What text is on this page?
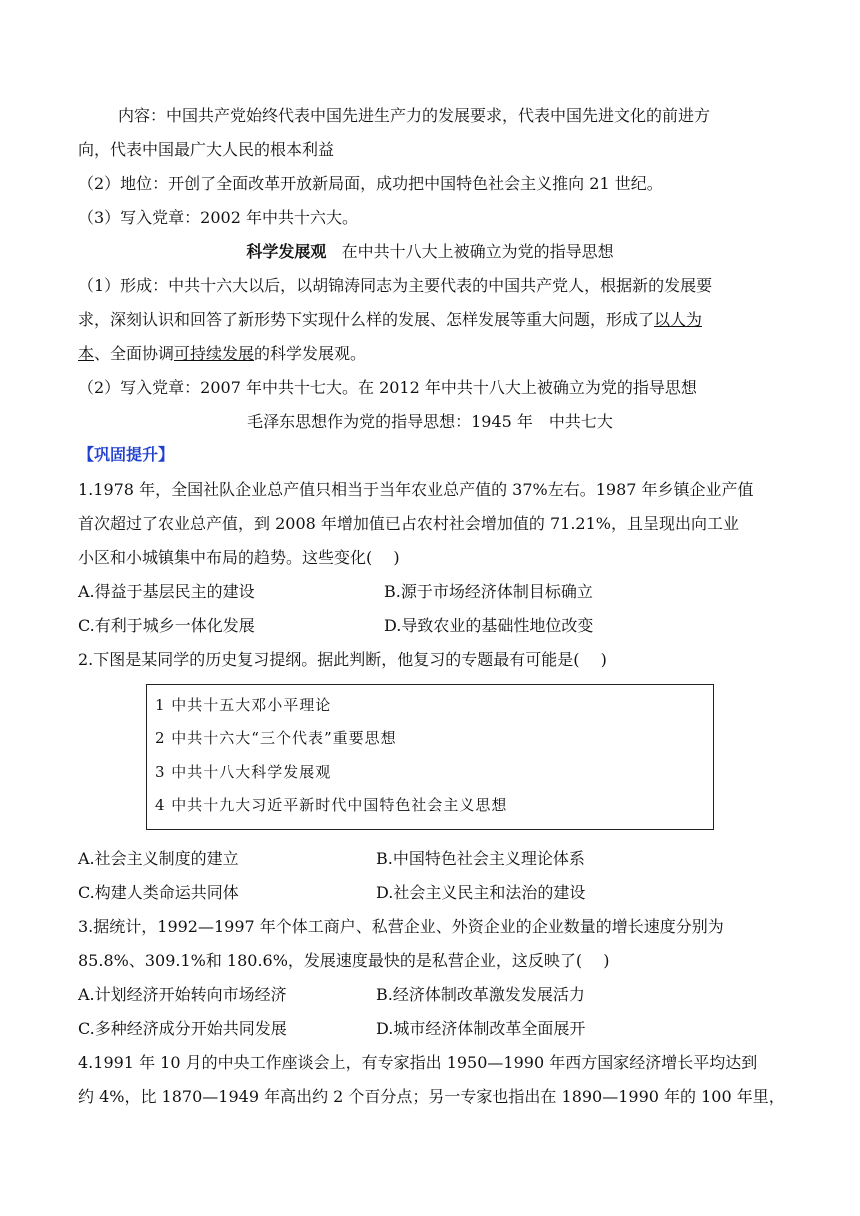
内容：中国共产党始终代表中国先进生产力的发展要求，代表中国先进文化的前进方
向，代表中国最广大人民的根本利益
（2）地位：开创了全面改革开放新局面，成功把中国特色社会主义推向 21 世纪。
（3）写入党章：2002 年中共十六大。
科学发展观 在中共十八大上被确立为党的指导思想
（1）形成：中共十六大以后，以胡锦涛同志为主要代表的中国共产党人，根据新的发展要
求，深刻认识和回答了新形势下实现什么样的发展、怎样发展等重大问题，形成了以人为
本、全面协调可持续发展的科学发展观。
（2）写入党章：2007 年中共十七大。在 2012 年中共十八大上被确立为党的指导思想
毛泽东思想作为党的指导思想：1945 年　中共七大
【巩固提升】
1.1978 年，全国社队企业总产值只相当于当年农业总产值的 37%左右。1987 年乡镇企业产值
首次超过了农业总产值，到 2008 年增加值已占农村社会增加值的 71.21%，且呈现出向工业
小区和小城镇集中布局的趋势。这些变化(　 )
A.得益于基层民主的建设	B.源于市场经济体制目标确立
C.有利于城乡一体化发展	D.导致农业的基础性地位改变
2.下图是某同学的历史复习提纲。据此判断，他复习的专题最有可能是(　 )
1 中共十五大邓小平理论
2 中共十六大“三个代表”重要思想
3 中共十八大科学发展观
4 中共十九大习近平新时代中国特色社会主义思想
A.社会主义制度的建立	B.中国特色社会主义理论体系
C.构建人类命运共同体	D.社会主义民主和法治的建设
3.据统计，1992—1997 年个体工商户、私营企业、外资企业的企业数量的增长速度分别为
85.8%、309.1%和 180.6%，发展速度最快的是私营企业，这反映了(　 )
A.计划经济开始转向市场经济	B.经济体制改革激发发展活力
C.多种经济成分开始共同发展	D.城市经济体制改革全面展开
4.1991 年 10 月的中央工作座谈会上，有专家指出 1950—1990 年西方国家经济增长平均达到
约 4%，比 1870—1949 年高出约 2 个百分点；另一专家也指出在 1890—1990 年的 100 年里，
